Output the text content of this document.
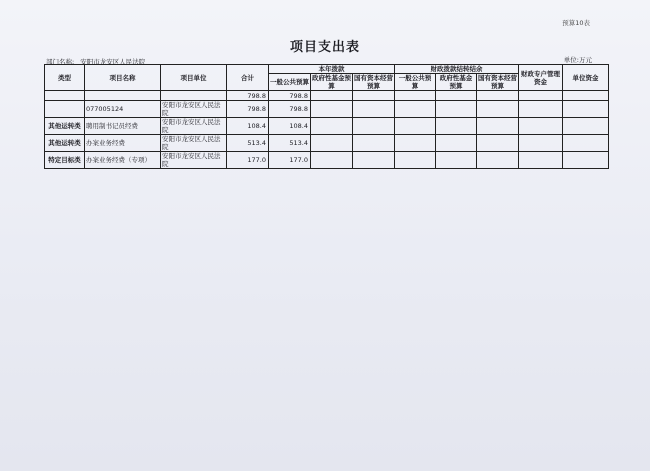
预算10表
项目支出表
部门名称: 安阳市龙安区人民法院	单位:万元
类型	项目名称	项目单位	合计	本年拨款			财政拨款结转结余			财政专户管理资金	单位资金
				一般公共预算	政府性基金预算	国有资本经营预算	一般公共预算	政府性基金预算	国有资本经营预算		
			798.8	798.8							
	077005124	安阳市龙安区人民法院	798.8	798.8							
其他运转类	聘用制书记员经费	安阳市龙安区人民法院	108.4	108.4							
其他运转类	办案业务经费	安阳市龙安区人民法院	513.4	513.4							
特定目标类	办案业务经费（专项）	安阳市龙安区人民法院	177.0	177.0							
